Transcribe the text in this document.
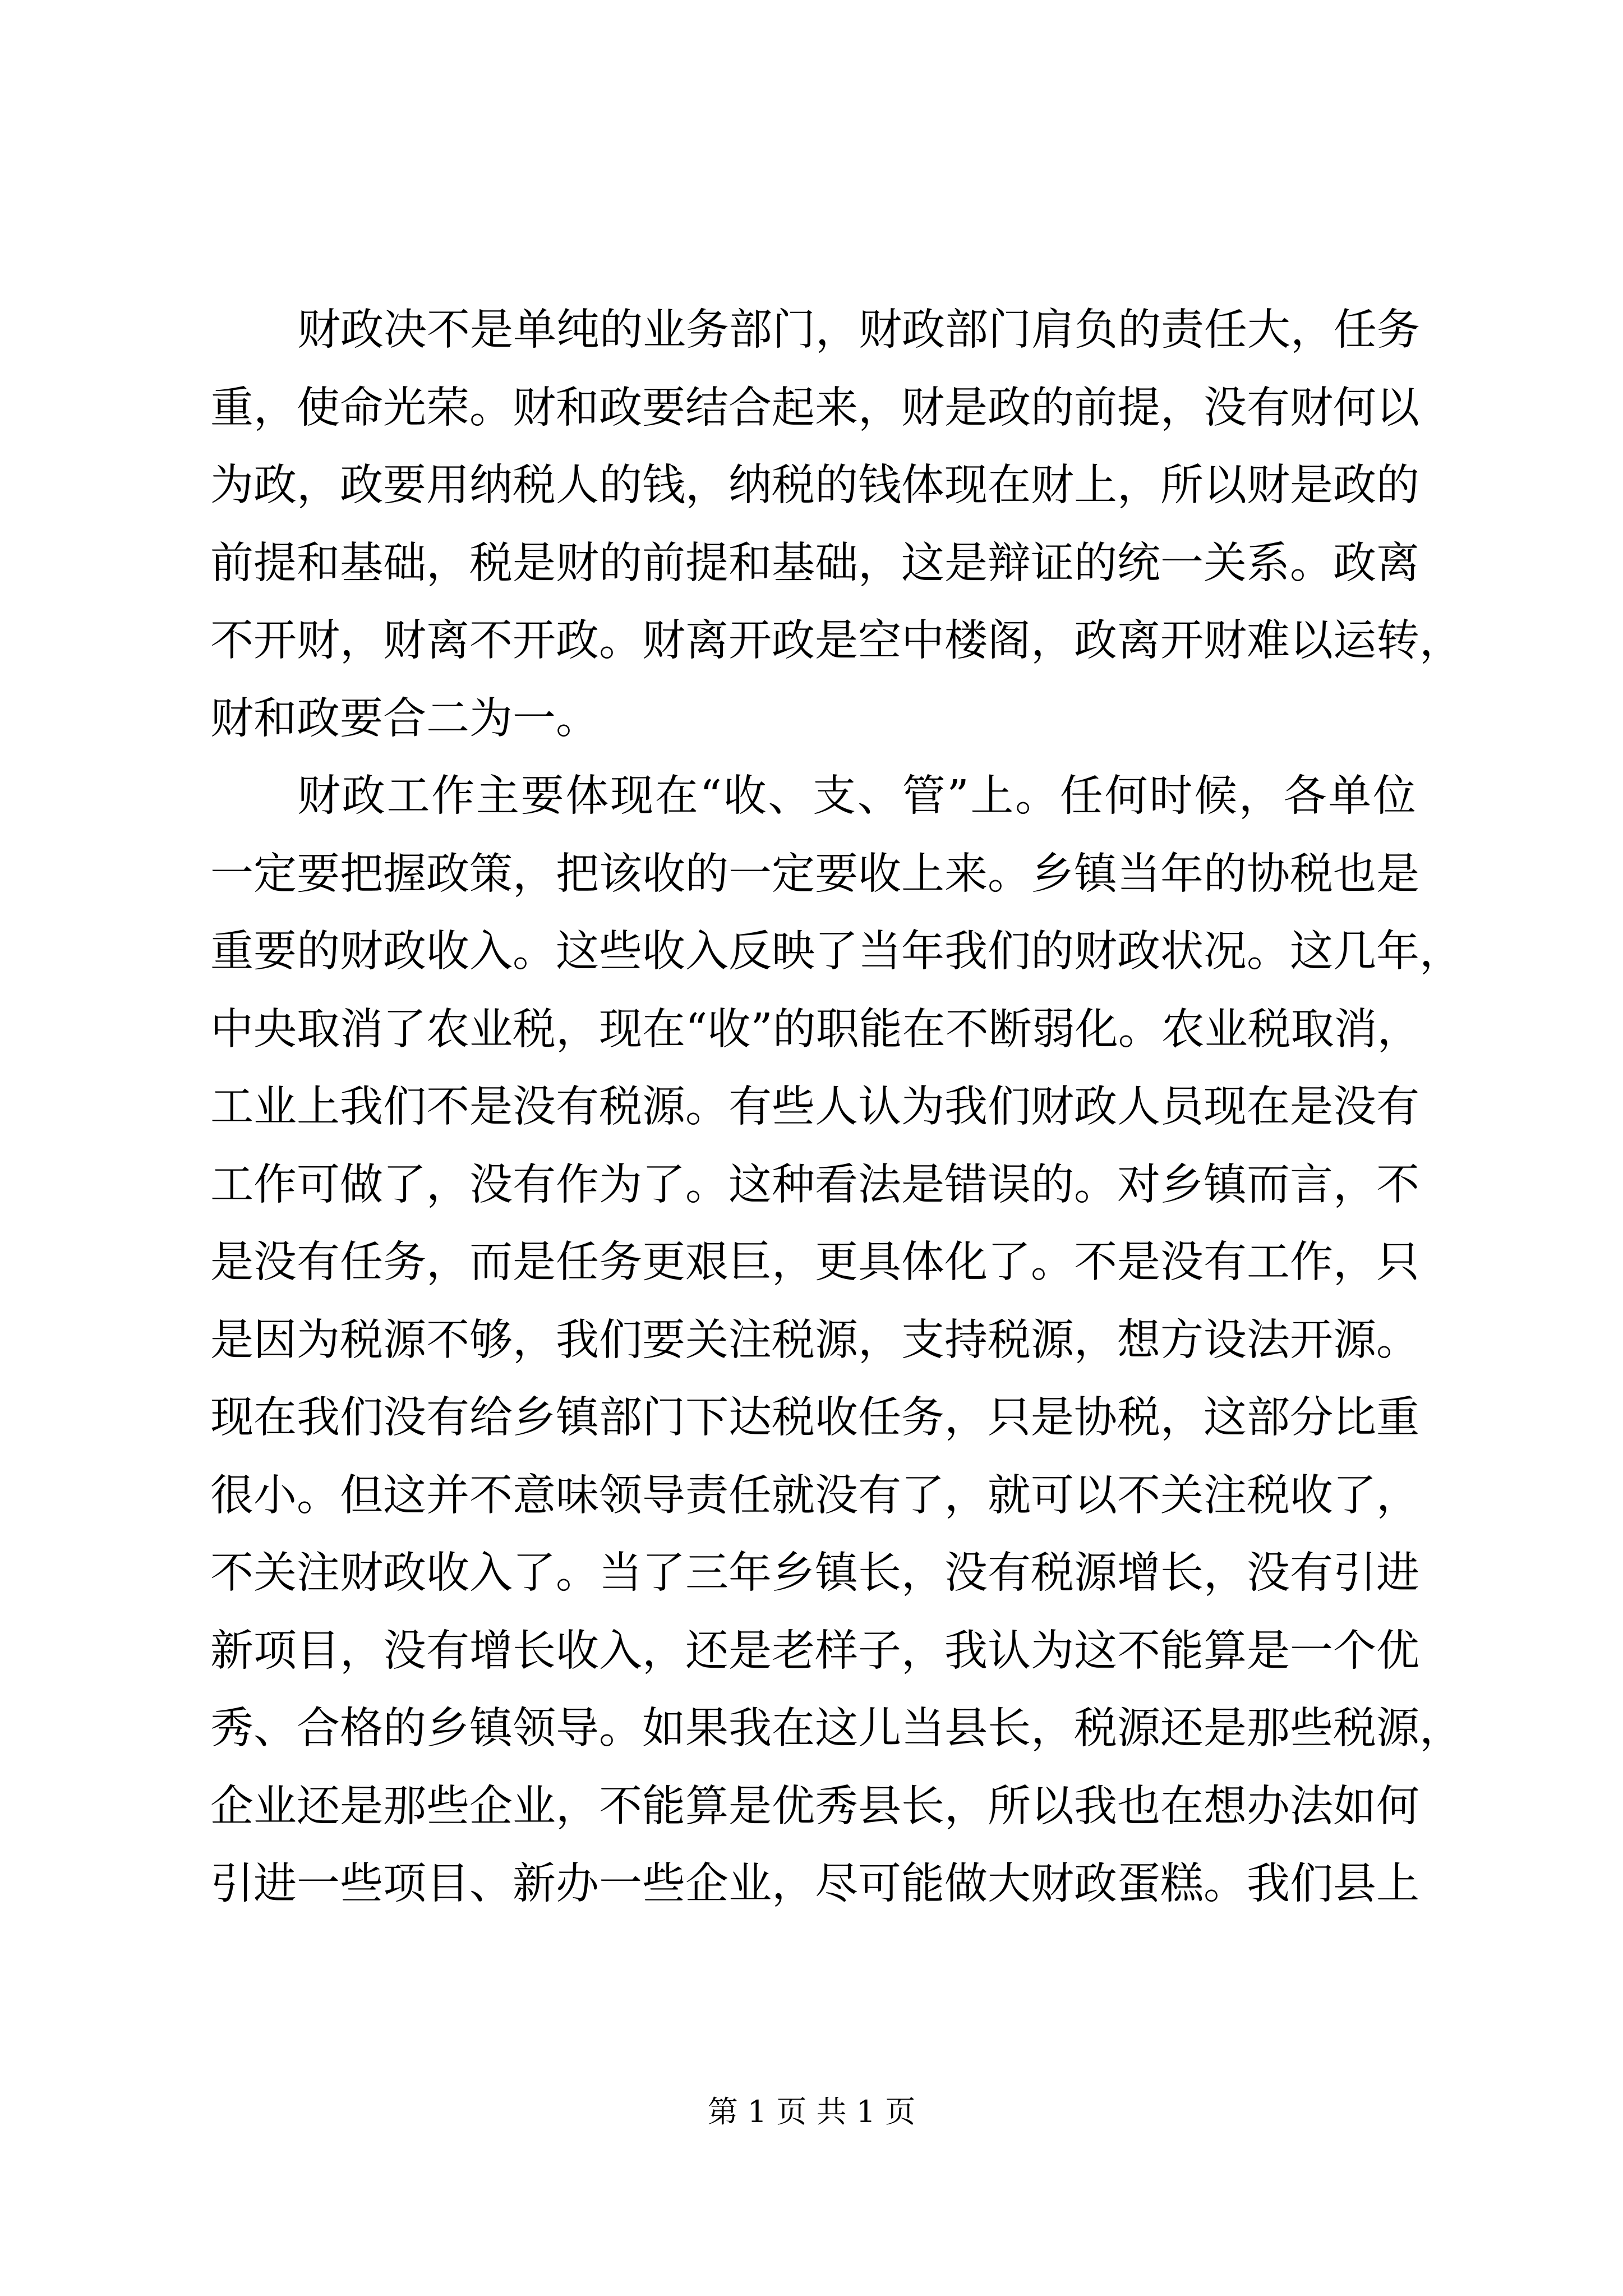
财政决不是单纯的业务部门，财政部门肩负的责任大，任务
重，使命光荣。财和政要结合起来，财是政的前提，没有财何以
为政，政要用纳税人的钱，纳税的钱体现在财上，所以财是政的
前提和基础，税是财的前提和基础，这是辩证的统一关系。政离
不开财，财离不开政。财离开政是空中楼阁，政离开财难以运转，
财和政要合二为一。
财政工作主要体现在“收、支、管”上。任何时候，各单位
一定要把握政策，把该收的一定要收上来。乡镇当年的协税也是
重要的财政收入。这些收入反映了当年我们的财政状况。这几年，
中央取消了农业税，现在“收”的职能在不断弱化。农业税取消，
工业上我们不是没有税源。有些人认为我们财政人员现在是没有
工作可做了，没有作为了。这种看法是错误的。对乡镇而言，不
是没有任务，而是任务更艰巨，更具体化了。不是没有工作，只
是因为税源不够，我们要关注税源，支持税源，想方设法开源。
现在我们没有给乡镇部门下达税收任务，只是协税，这部分比重
很小。但这并不意味领导责任就没有了，就可以不关注税收了，
不关注财政收入了。当了三年乡镇长，没有税源增长，没有引进
新项目，没有增长收入，还是老样子，我认为这不能算是一个优
秀、合格的乡镇领导。如果我在这儿当县长，税源还是那些税源，
企业还是那些企业，不能算是优秀县长，所以我也在想办法如何
引进一些项目、新办一些企业，尽可能做大财政蛋糕。我们县上
第 1 页 共 1 页
